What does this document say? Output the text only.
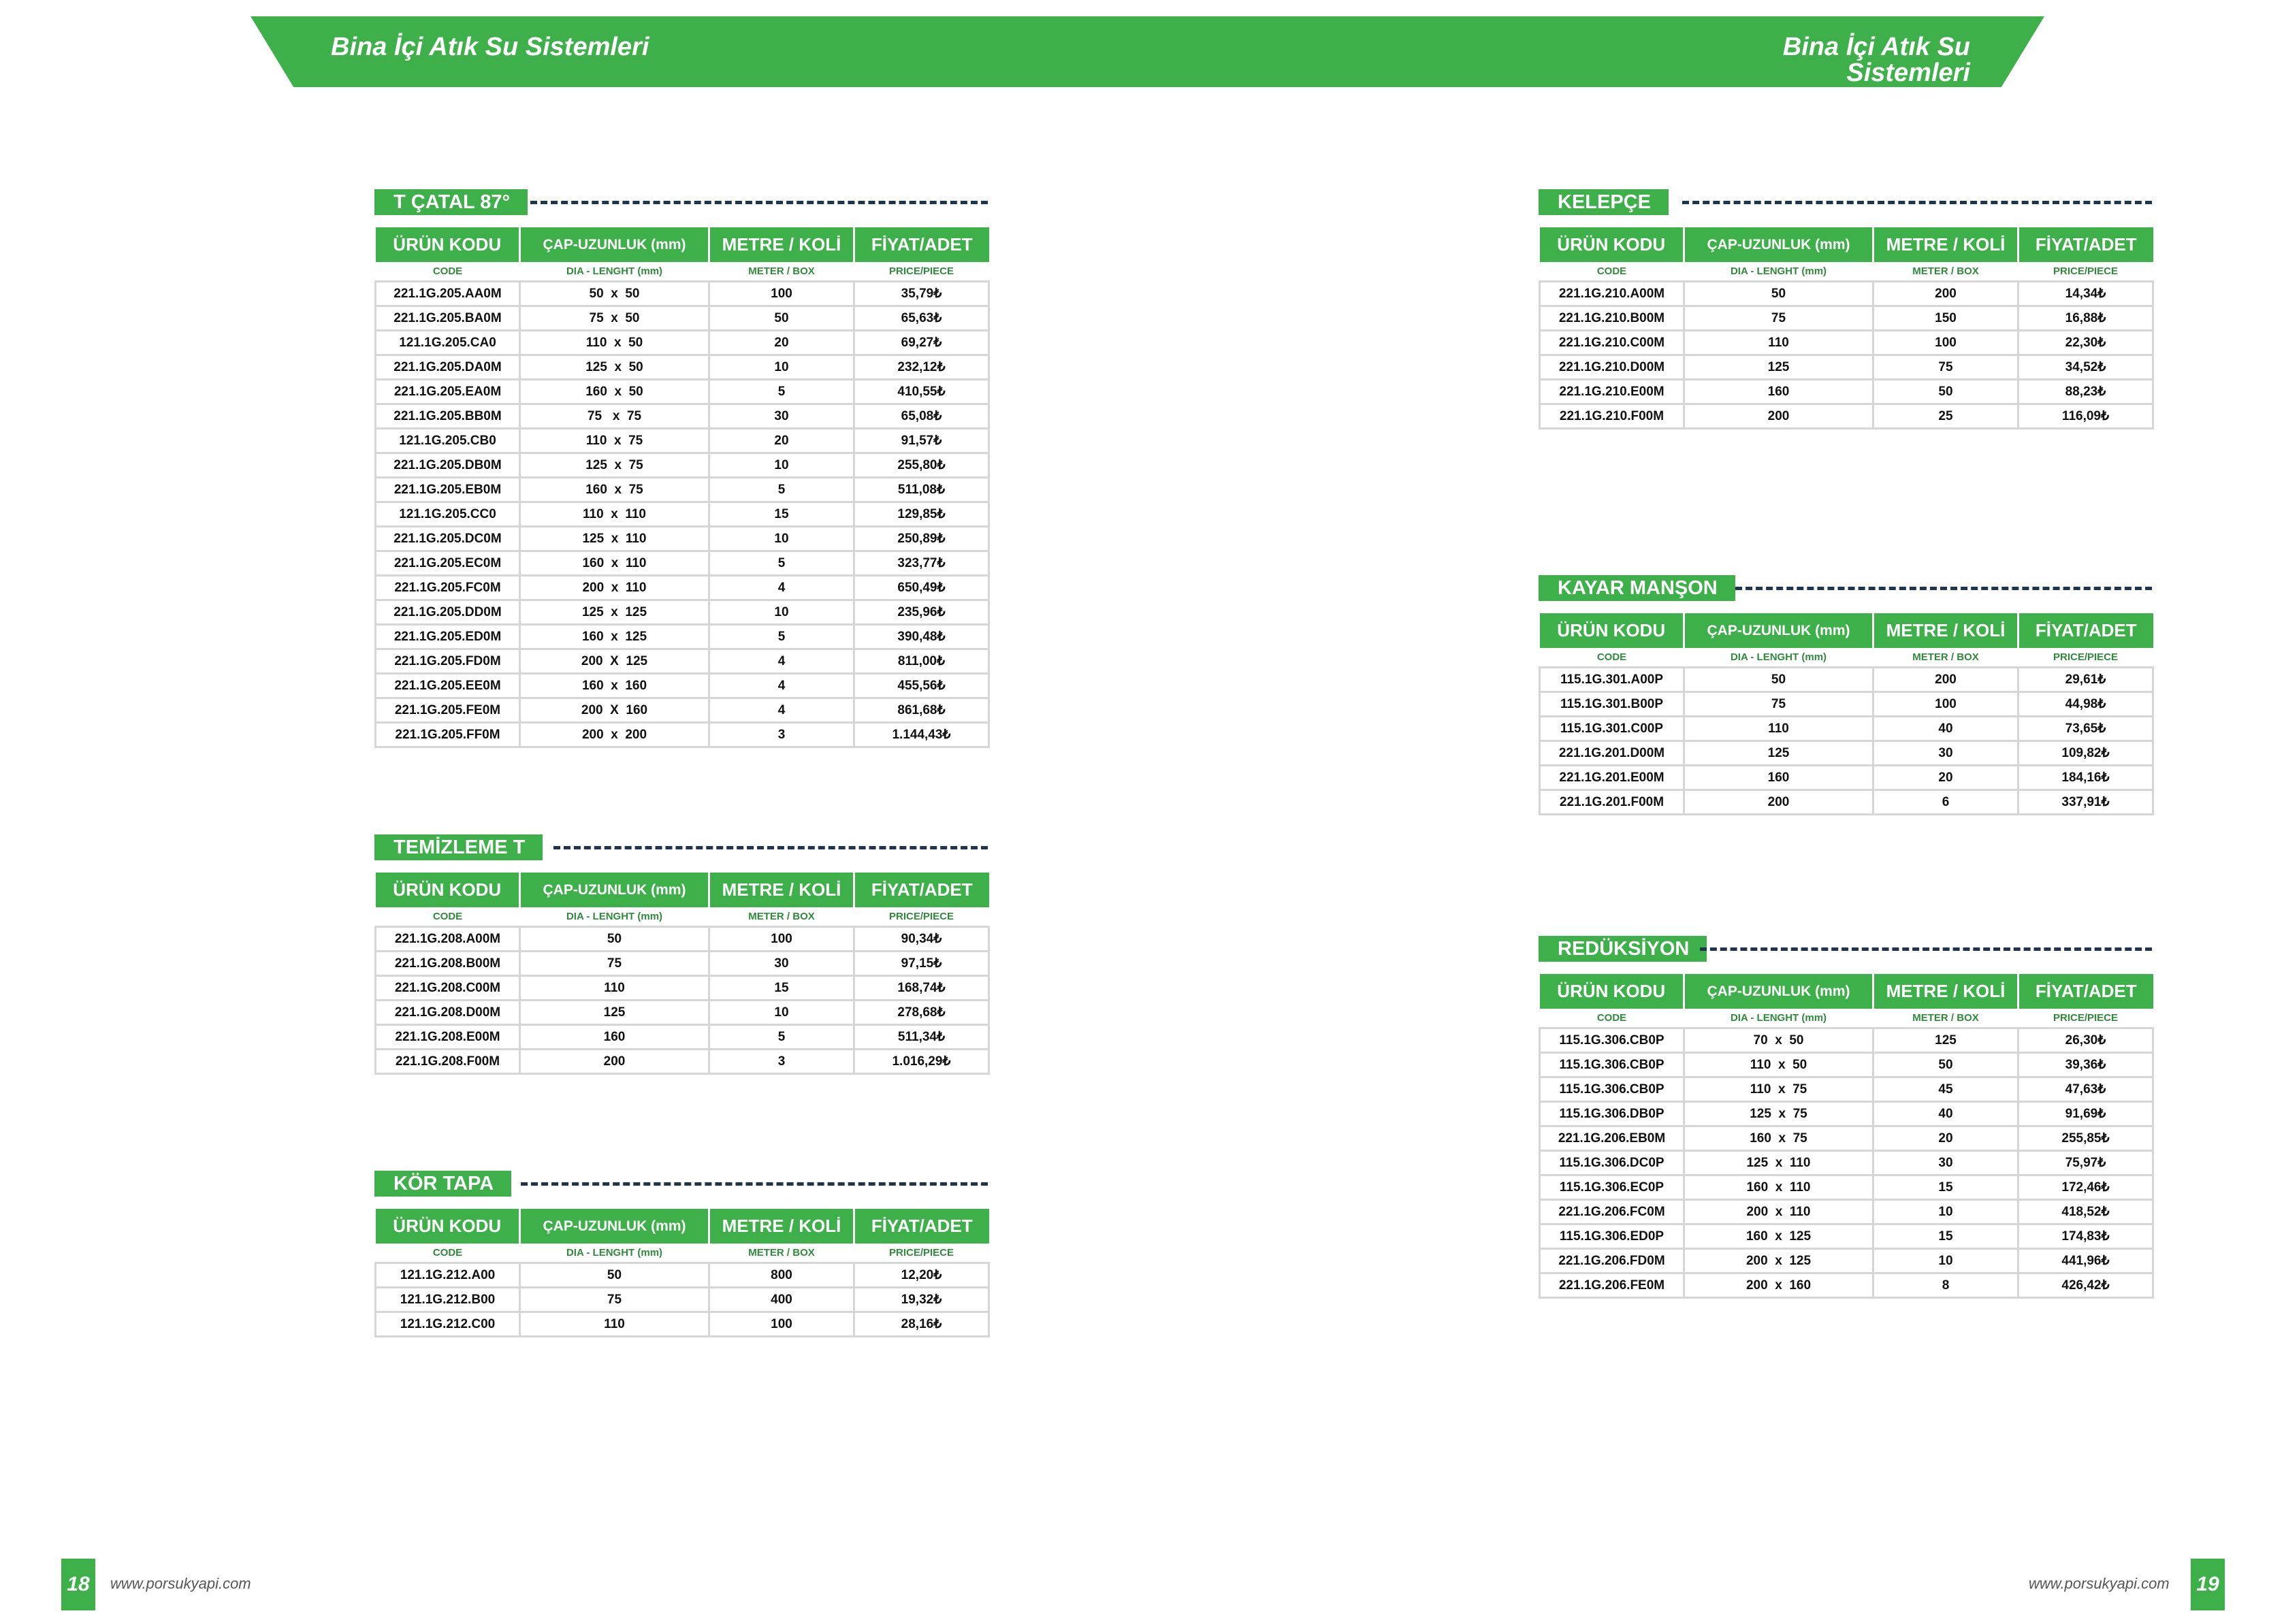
Bina İçi Atık Su Sistemleri	Bina İçi Atık Su Sistemleri
T ÇATAL 87°
ÜRÜN KODU	ÇAP-UZUNLUK (mm)	METRE / KOLİ	FİYAT/ADET
CODE	DIA - LENGHT (mm)	METER / BOX	PRICE/PIECE
221.1G.205.AA0M	50  x  50	100	35,79₺
221.1G.205.BA0M	75  x  50	50	65,63₺
121.1G.205.CA0	110  x  50	20	69,27₺
221.1G.205.DA0M	125  x  50	10	232,12₺
221.1G.205.EA0M	160  x  50	5	410,55₺
221.1G.205.BB0M	75   x  75	30	65,08₺
121.1G.205.CB0	110  x  75	20	91,57₺
221.1G.205.DB0M	125  x  75	10	255,80₺
221.1G.205.EB0M	160  x  75	5	511,08₺
121.1G.205.CC0	110  x  110	15	129,85₺
221.1G.205.DC0M	125  x  110	10	250,89₺
221.1G.205.EC0M	160  x  110	5	323,77₺
221.1G.205.FC0M	200  x  110	4	650,49₺
221.1G.205.DD0M	125  x  125	10	235,96₺
221.1G.205.ED0M	160  x  125	5	390,48₺
221.1G.205.FD0M	200  X  125	4	811,00₺
221.1G.205.EE0M	160  x  160	4	455,56₺
221.1G.205.FE0M	200  X  160	4	861,68₺
221.1G.205.FF0M	200  x  200	3	1.144,43₺
TEMİZLEME T
ÜRÜN KODU	ÇAP-UZUNLUK (mm)	METRE / KOLİ	FİYAT/ADET
CODE	DIA - LENGHT (mm)	METER / BOX	PRICE/PIECE
221.1G.208.A00M	50	100	90,34₺
221.1G.208.B00M	75	30	97,15₺
221.1G.208.C00M	110	15	168,74₺
221.1G.208.D00M	125	10	278,68₺
221.1G.208.E00M	160	5	511,34₺
221.1G.208.F00M	200	3	1.016,29₺
KÖR TAPA
ÜRÜN KODU	ÇAP-UZUNLUK (mm)	METRE / KOLİ	FİYAT/ADET
CODE	DIA - LENGHT (mm)	METER / BOX	PRICE/PIECE
121.1G.212.A00	50	800	12,20₺
121.1G.212.B00	75	400	19,32₺
121.1G.212.C00	110	100	28,16₺
KELEPÇE
ÜRÜN KODU	ÇAP-UZUNLUK (mm)	METRE / KOLİ	FİYAT/ADET
CODE	DIA - LENGHT (mm)	METER / BOX	PRICE/PIECE
221.1G.210.A00M	50	200	14,34₺
221.1G.210.B00M	75	150	16,88₺
221.1G.210.C00M	110	100	22,30₺
221.1G.210.D00M	125	75	34,52₺
221.1G.210.E00M	160	50	88,23₺
221.1G.210.F00M	200	25	116,09₺
KAYAR MANŞON
ÜRÜN KODU	ÇAP-UZUNLUK (mm)	METRE / KOLİ	FİYAT/ADET
CODE	DIA - LENGHT (mm)	METER / BOX	PRICE/PIECE
115.1G.301.A00P	50	200	29,61₺
115.1G.301.B00P	75	100	44,98₺
115.1G.301.C00P	110	40	73,65₺
221.1G.201.D00M	125	30	109,82₺
221.1G.201.E00M	160	20	184,16₺
221.1G.201.F00M	200	6	337,91₺
REDÜKSİYON
ÜRÜN KODU	ÇAP-UZUNLUK (mm)	METRE / KOLİ	FİYAT/ADET
CODE	DIA - LENGHT (mm)	METER / BOX	PRICE/PIECE
115.1G.306.CB0P	70  x  50	125	26,30₺
115.1G.306.CB0P	110  x  50	50	39,36₺
115.1G.306.CB0P	110  x  75	45	47,63₺
115.1G.306.DB0P	125  x  75	40	91,69₺
221.1G.206.EB0M	160  x  75	20	255,85₺
115.1G.306.DC0P	125  x  110	30	75,97₺
115.1G.306.EC0P	160  x  110	15	172,46₺
221.1G.206.FC0M	200  x  110	10	418,52₺
115.1G.306.ED0P	160  x  125	15	174,83₺
221.1G.206.FD0M	200  x  125	10	441,96₺
221.1G.206.FE0M	200  x  160	8	426,42₺
18	www.porsukyapi.com	www.porsukyapi.com 19
